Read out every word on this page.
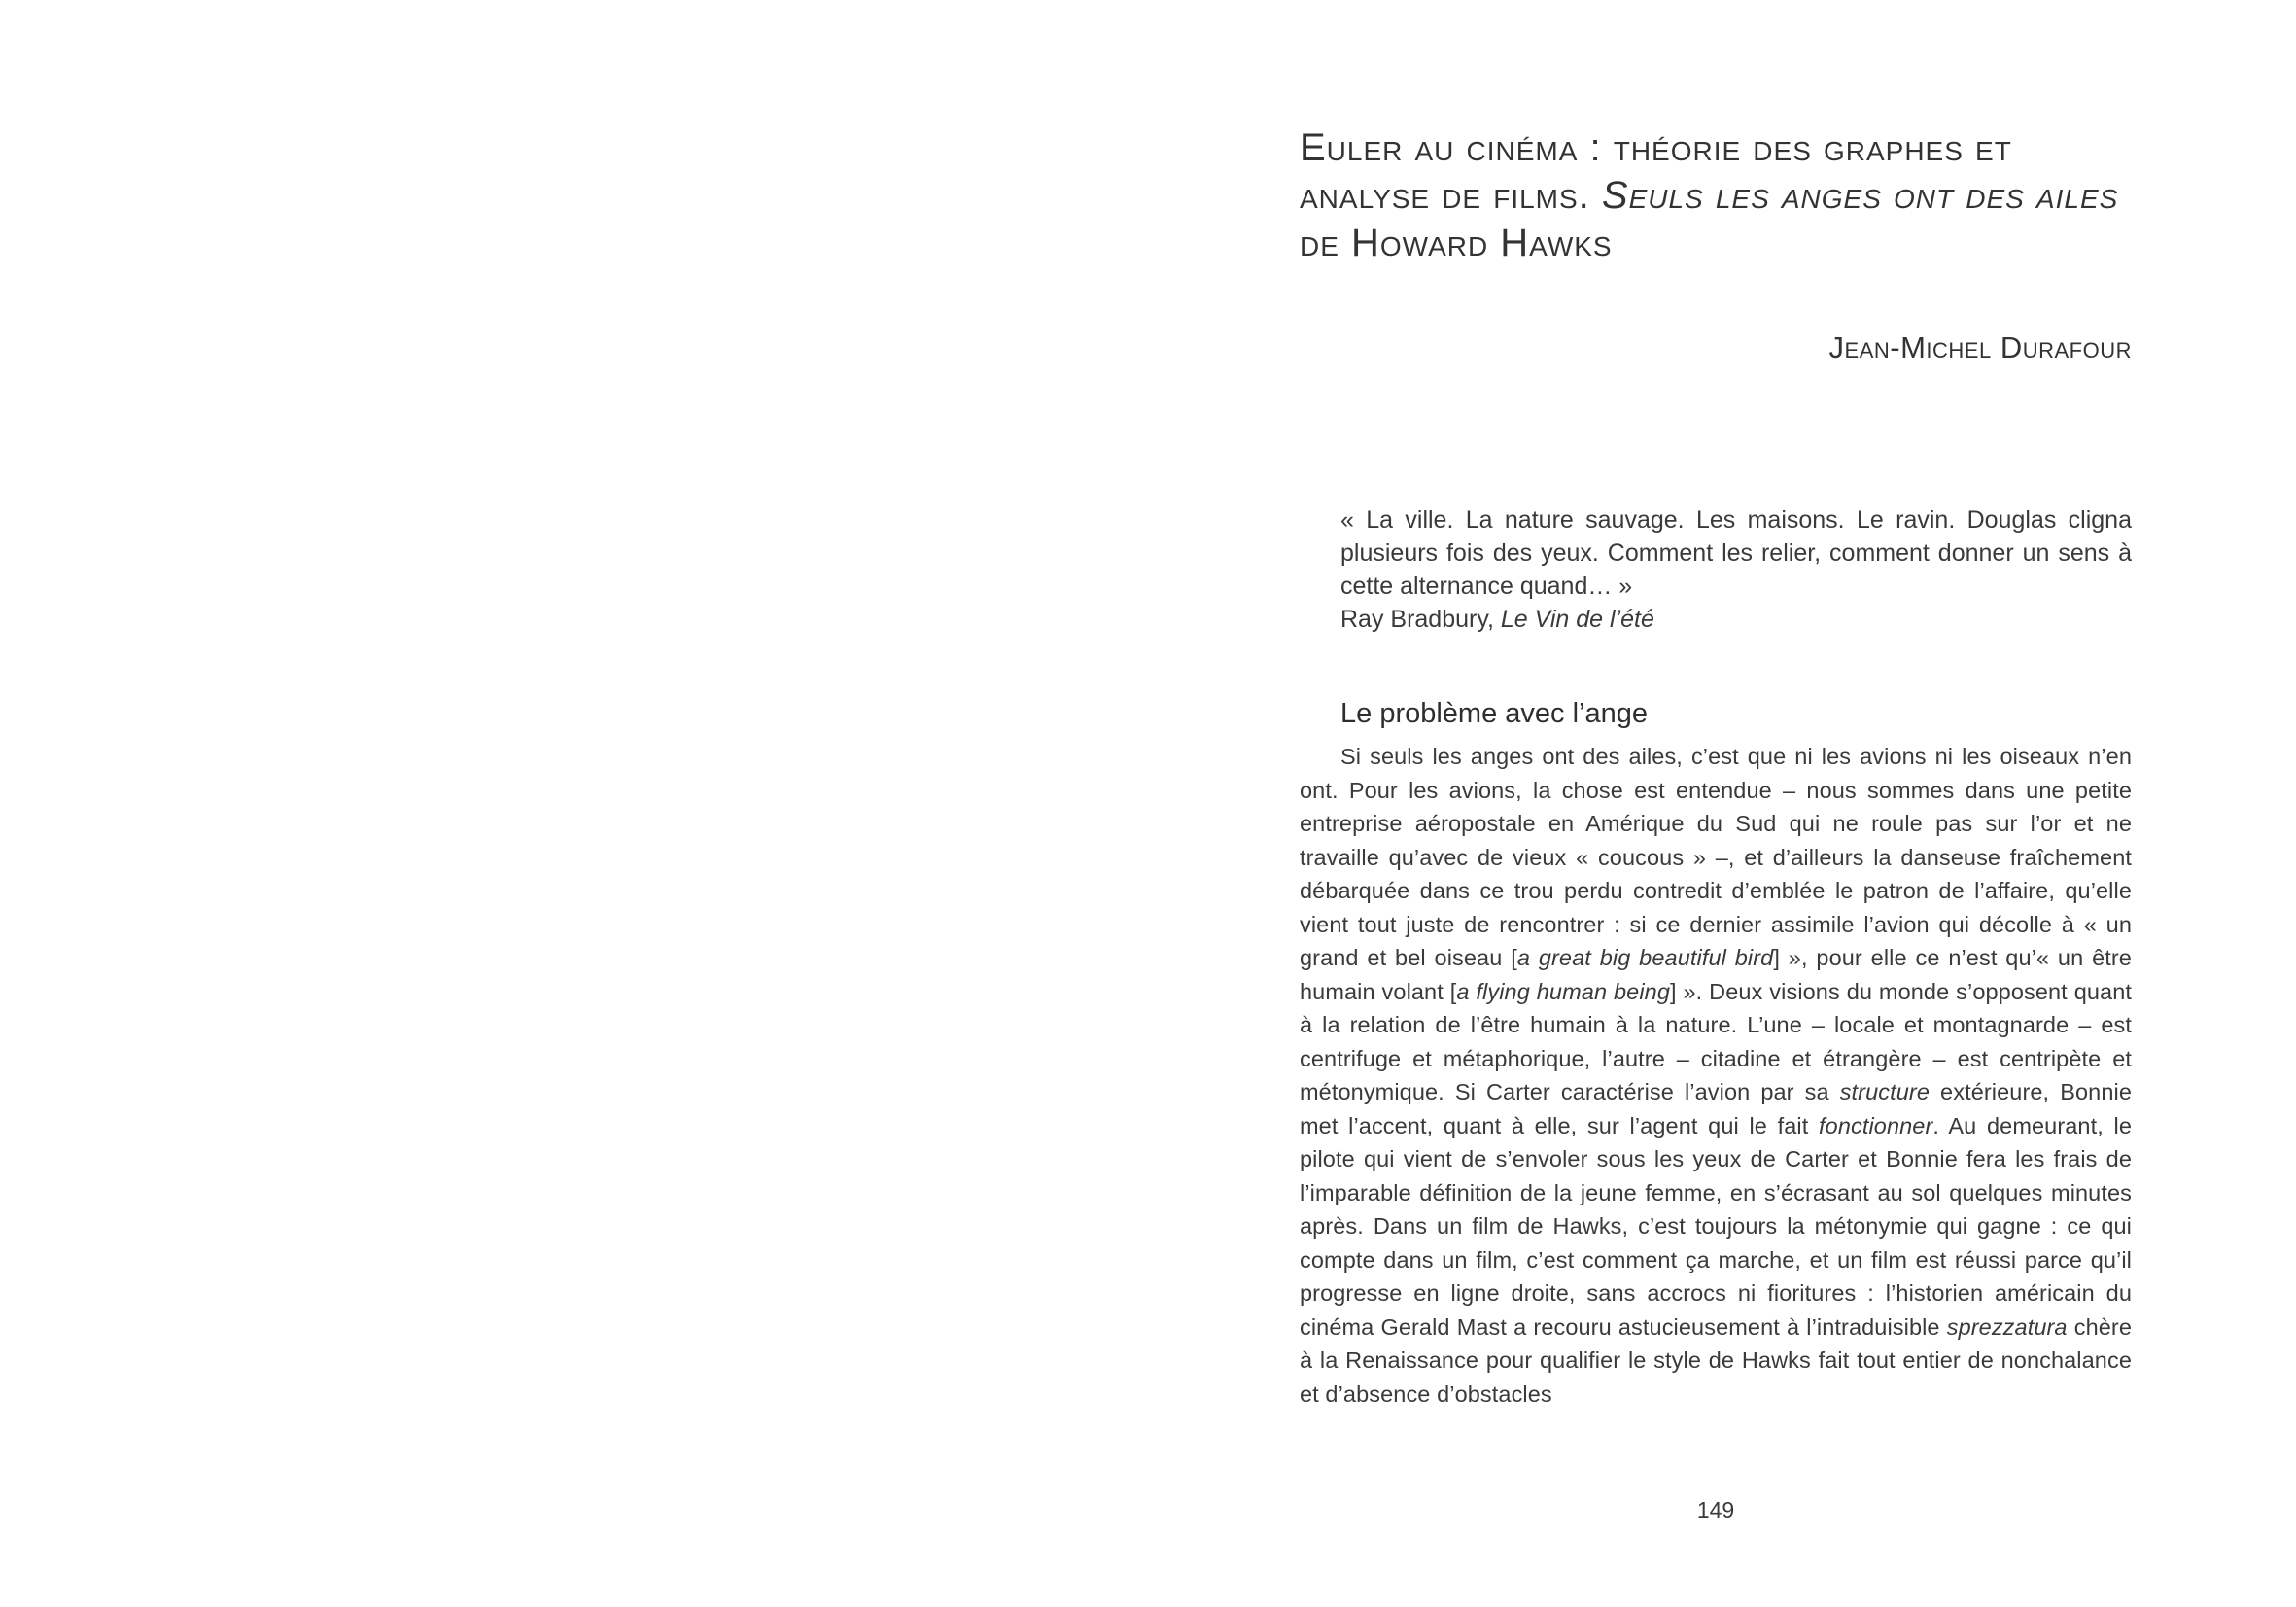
Euler au cinéma : théorie des graphes et analyse de films. Seuls les anges ont des ailes de Howard Hawks
Jean-Michel Durafour

« La ville. La nature sauvage. Les maisons. Le ravin. Douglas cligna plusieurs fois des yeux. Comment les relier, comment donner un sens à cette alternance quand… »

Ray Bradbury, Le Vin de l’été

Le problème avec l’ange

Si seuls les anges ont des ailes, c’est que ni les avions ni les oiseaux n’en ont. Pour les avions, la chose est entendue – nous sommes dans une petite entreprise aéropostale en Amérique du Sud qui ne roule pas sur l’or et ne travaille qu’avec de vieux « coucous » –, et d’ailleurs la danseuse fraîchement débarquée dans ce trou perdu contredit d’emblée le patron de l’affaire, qu’elle vient tout juste de rencontrer : si ce dernier assimile l’avion qui décolle à « un grand et bel oiseau [a great big beautiful bird] », pour elle ce n’est qu’« un être humain volant [a flying human being] ». Deux visions du monde s’opposent quant à la relation de l’être humain à la nature. L’une – locale et montagnarde – est centrifuge et métaphorique, l’autre – citadine et étrangère – est centripète et métonymique. Si Carter caractérise l’avion par sa structure extérieure, Bonnie met l’accent, quant à elle, sur l’agent qui le fait fonctionner. Au demeurant, le pilote qui vient de s’envoler sous les yeux de Carter et Bonnie fera les frais de l’imparable définition de la jeune femme, en s’écrasant au sol quelques minutes après. Dans un film de Hawks, c’est toujours la métonymie qui gagne : ce qui compte dans un film, c’est comment ça marche, et un film est réussi parce qu’il progresse en ligne droite, sans accrocs ni fioritures : l’historien américain du cinéma Gerald Mast a recouru astucieusement à l’intraduisible sprezzatura chère à la Renaissance pour qualifier le style de Hawks fait tout entier de nonchalance et d’absence d’obstacles

149
